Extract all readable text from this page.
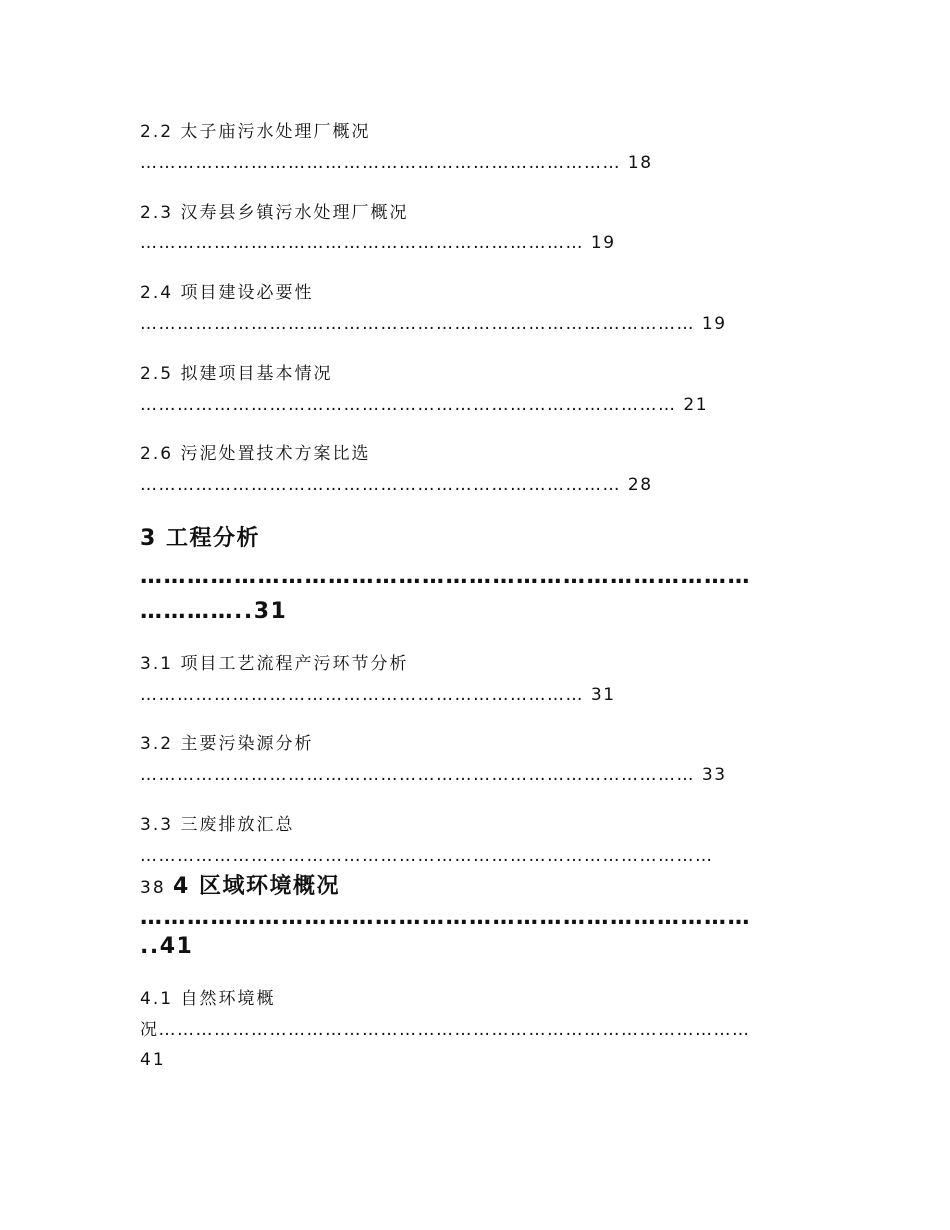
2.2 太子庙污水处理厂概况
…………………………………………………………………… 18
2.3 汉寿县乡镇污水处理厂概况
……………………………………………………………… 19
2.4 项目建设必要性
……………………………………………………………………………… 19
2.5 拟建项目基本情况
…………………………………………………………………………… 21
2.6 污泥处置技术方案比选
…………………………………………………………………… 28
3 工程分析
……………………………………………………………………
…………..31
3.1 项目工艺流程产污环节分析
……………………………………………………………… 31
3.2 主要污染源分析
……………………………………………………………………………… 33
3.3 三废排放汇总
…………………………………………………………………………………
38 4 区域环境概况
……………………………………………………………………
..41
4.1 自然环境概
况……………………………………………………………………………………
41
